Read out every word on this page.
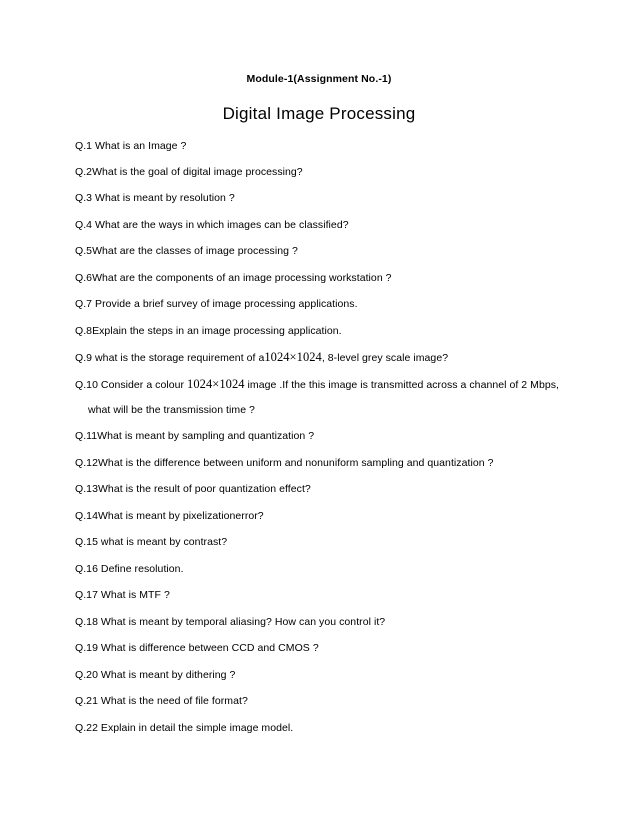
Module-1(Assignment No.-1)
Digital Image Processing
Q.1 What is an Image ?
Q.2What is the goal of digital image processing?
Q.3 What is meant by resolution ?
Q.4 What are the ways in which images can be classified?
Q.5What are the classes of image processing ?
Q.6What are the components of an image processing workstation ?
Q.7 Provide a brief survey of image processing applications.
Q.8Explain the steps in an image processing application.
Q.9 what is the storage requirement of a1024×1024, 8-level grey scale image?
Q.10 Consider a colour 1024×1024 image .If the this image is transmitted across a channel of 2 Mbps,
what will be the transmission time ?
Q.11What is meant by sampling and quantization ?
Q.12What is the difference between uniform and nonuniform sampling and quantization ?
Q.13What is the result of poor quantization effect?
Q.14What is meant by pixelizationerror?
Q.15 what is meant by contrast?
Q.16 Define resolution.
Q.17 What is MTF ?
Q.18 What is meant by temporal aliasing? How can you control it?
Q.19 What is difference between CCD and CMOS ?
Q.20 What is meant by dithering ?
Q.21 What is the need of file format?
Q.22 Explain in detail the simple image model.
